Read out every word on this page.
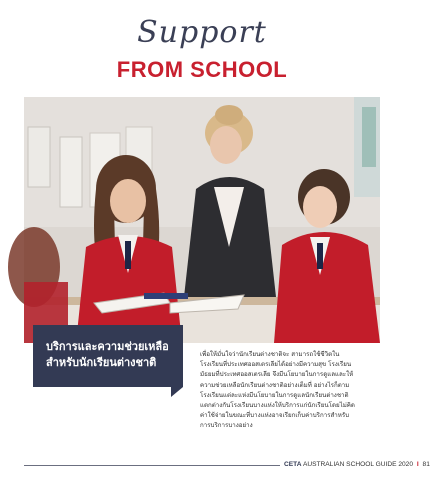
Support
FROM SCHOOL
บริการและความช่วยเหลือ
สำหรับนักเรียนต่างชาติ
เพื่อให้มั่นใจว่านักเรียนต่างชาติจะ สามารถใช้ชีวิตใน
โรงเรียนที่ประเทศออสเตรเลียได้อย่างมีความสุข โรงเรียน
มัธยมที่ประเทศออสเตรเลีย จึงมีนโยบายในการดูแลและให้
ความช่วยเหลือนักเรียนต่างชาติอย่างเต็มที่ อย่างไรก็ตาม
โรงเรียนแต่ละแห่งมีนโยบายในการดูแลนักเรียนต่างชาติ
แตกต่างกันโรงเรียนบางแห่งให้บริการแก่นักเรียนโดยไม่คิด
ค่าใช้จ่ายในขณะที่บางแห่งอาจเรียกเก็บค่าบริการสำหรับ
การบริการบางอย่าง
CETA AUSTRALIAN SCHOOL GUIDE 2020 I 81
